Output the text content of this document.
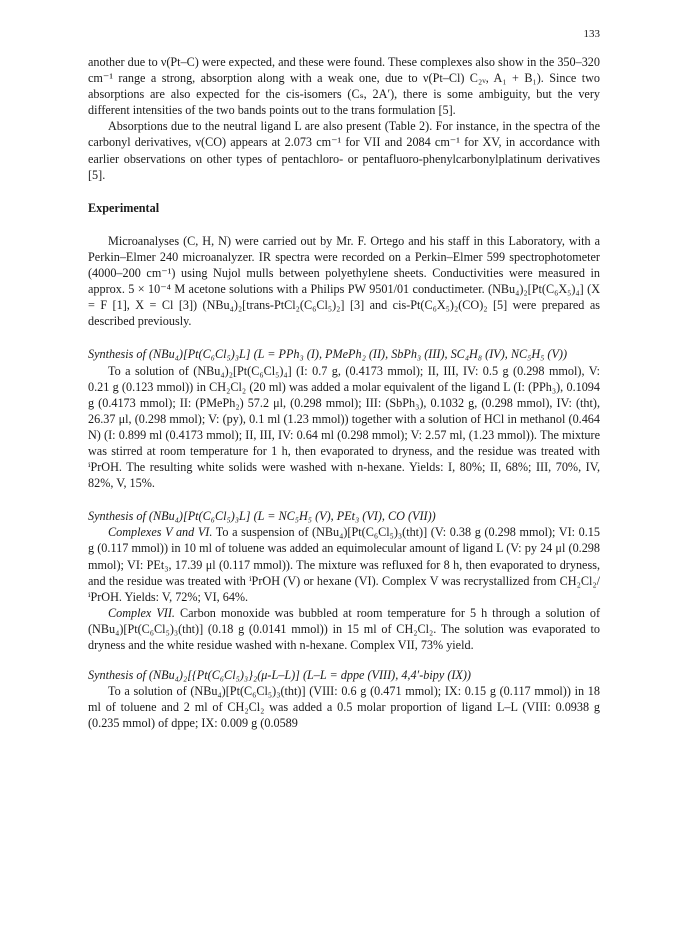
133

another due to ν(Pt–C) were expected, and these were found. These complexes also show in the 350–320 cm⁻¹ range a strong, absorption along with a weak one, due to ν(Pt–Cl) C₂ᵥ, A₁ + B₁). Since two absorptions are also expected for the cis-isomers (Cₛ, 2A′), there is some ambiguity, but the very different intensities of the two bands points out to the trans formulation [5].

Absorptions due to the neutral ligand L are also present (Table 2). For instance, in the spectra of the carbonyl derivatives, ν(CO) appears at 2.073 cm⁻¹ for VII and 2084 cm⁻¹ for XV, in accordance with earlier observations on other types of pentachloro- or pentafluoro-phenylcarbonylplatinum derivatives [5].

Experimental

Microanalyses (C, H, N) were carried out by Mr. F. Ortego and his staff in this Laboratory, with a Perkin–Elmer 240 microanalyzer. IR spectra were recorded on a Perkin–Elmer 599 spectrophotometer (4000–200 cm⁻¹) using Nujol mulls between polyethylene sheets. Conductivities were measured in approx. 5 × 10⁻⁴ M acetone solutions with a Philips PW 9501/01 conductimeter. (NBu₄)₂[Pt(C₆X₅)₄] (X = F [1], X = Cl [3]) (NBu₄)₂[trans-PtCl₂(C₆Cl₅)₂] [3] and cis-Pt(C₆X₅)₂(CO)₂ [5] were prepared as described previously.

Synthesis of (NBu₄)[Pt(C₆Cl₅)₃L] (L = PPh₃ (I), PMePh₂ (II), SbPh₃ (III), SC₄H₈ (IV), NC₅H₅ (V))

To a solution of (NBu₄)₂[Pt(C₆Cl₅)₄] (I: 0.7 g, (0.4173 mmol); II, III, IV: 0.5 g (0.298 mmol), V: 0.21 g (0.123 mmol)) in CH₂Cl₂ (20 ml) was added a molar equivalent of the ligand L (I: (PPh₃), 0.1094 g (0.4173 mmol); II: (PMePh₂) 57.2 μl, (0.298 mmol); III: (SbPh₃), 0.1032 g, (0.298 mmol), IV: (tht), 26.37 μl, (0.298 mmol); V: (py), 0.1 ml (1.23 mmol)) together with a solution of HCl in methanol (0.464 N) (I: 0.899 ml (0.4173 mmol); II, III, IV: 0.64 ml (0.298 mmol); V: 2.57 ml, (1.23 mmol)). The mixture was stirred at room temperature for 1 h, then evaporated to dryness, and the residue was treated with ⁱPrOH. The resulting white solids were washed with n-hexane. Yields: I, 80%; II, 68%; III, 70%, IV, 82%, V, 15%.

Synthesis of (NBu₄)[Pt(C₆Cl₅)₃L] (L = NC₅H₅ (V), PEt₃ (VI), CO (VII))

Complexes V and VI. To a suspension of (NBu₄)[Pt(C₆Cl₅)₃(tht)] (V: 0.38 g (0.298 mmol); VI: 0.15 g (0.117 mmol)) in 10 ml of toluene was added an equimolecular amount of ligand L (V: py 24 μl (0.298 mmol); VI: PEt₃, 17.39 μl (0.117 mmol)). The mixture was refluxed for 8 h, then evaporated to dryness, and the residue was treated with ⁱPrOH (V) or hexane (VI). Complex V was recrystallized from CH₂Cl₂/ⁱPrOH. Yields: V, 72%; VI, 64%.

Complex VII. Carbon monoxide was bubbled at room temperature for 5 h through a solution of (NBu₄)[Pt(C₆Cl₅)₃(tht)] (0.18 g (0.0141 mmol)) in 15 ml of CH₂Cl₂. The solution was evaporated to dryness and the white residue washed with n-hexane. Complex VII, 73% yield.

Synthesis of (NBu₄)₂[{Pt(C₆Cl₅)₃}₂(μ-L–L)] (L–L = dppe (VIII), 4,4′-bipy (IX))

To a solution of (NBu₄)[Pt(C₆Cl₅)₃(tht)] (VIII: 0.6 g (0.471 mmol); IX: 0.15 g (0.117 mmol)) in 18 ml of toluene and 2 ml of CH₂Cl₂ was added a 0.5 molar proportion of ligand L–L (VIII: 0.0938 g (0.235 mmol) of dppe; IX: 0.009 g (0.0589
